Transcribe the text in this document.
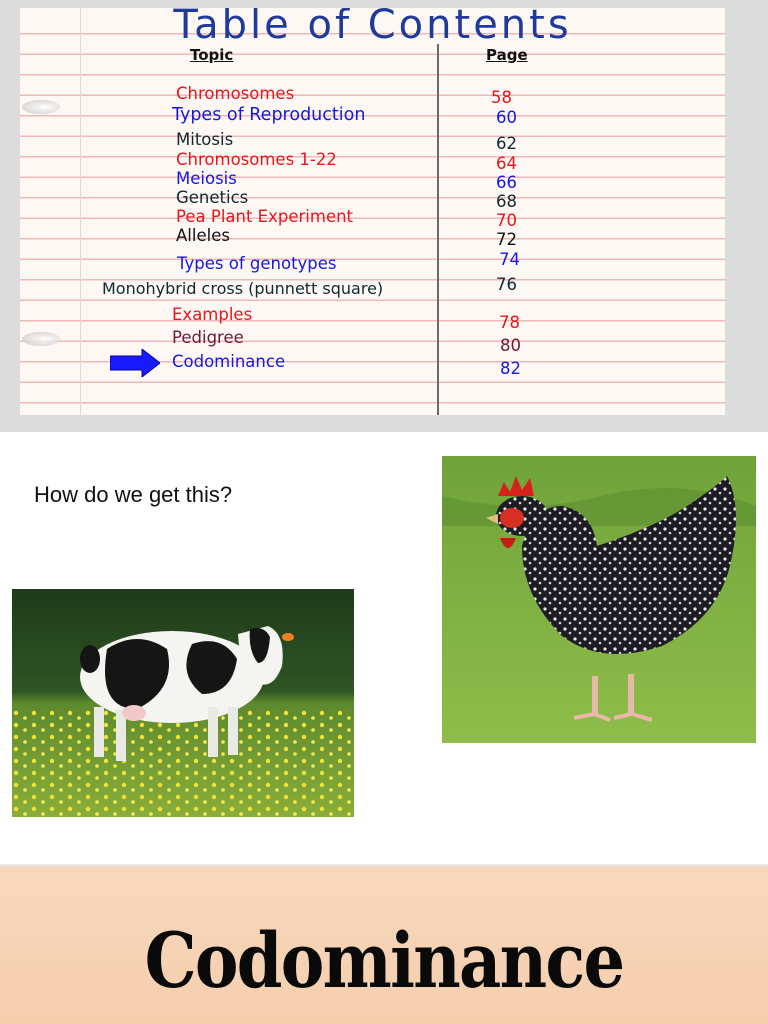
Table of Contents
Topic	Page
Chromosomes	58
Types of Reproduction	60
Mitosis	62
Chromosomes 1-22	64
Meiosis	66
Genetics	68
Pea Plant Experiment	70
Alleles	72
Types of genotypes	74
Monohybrid cross (punnett square)	76
Examples	78
Pedigree	80
Codominance	82
How do we get this?
Codominance
